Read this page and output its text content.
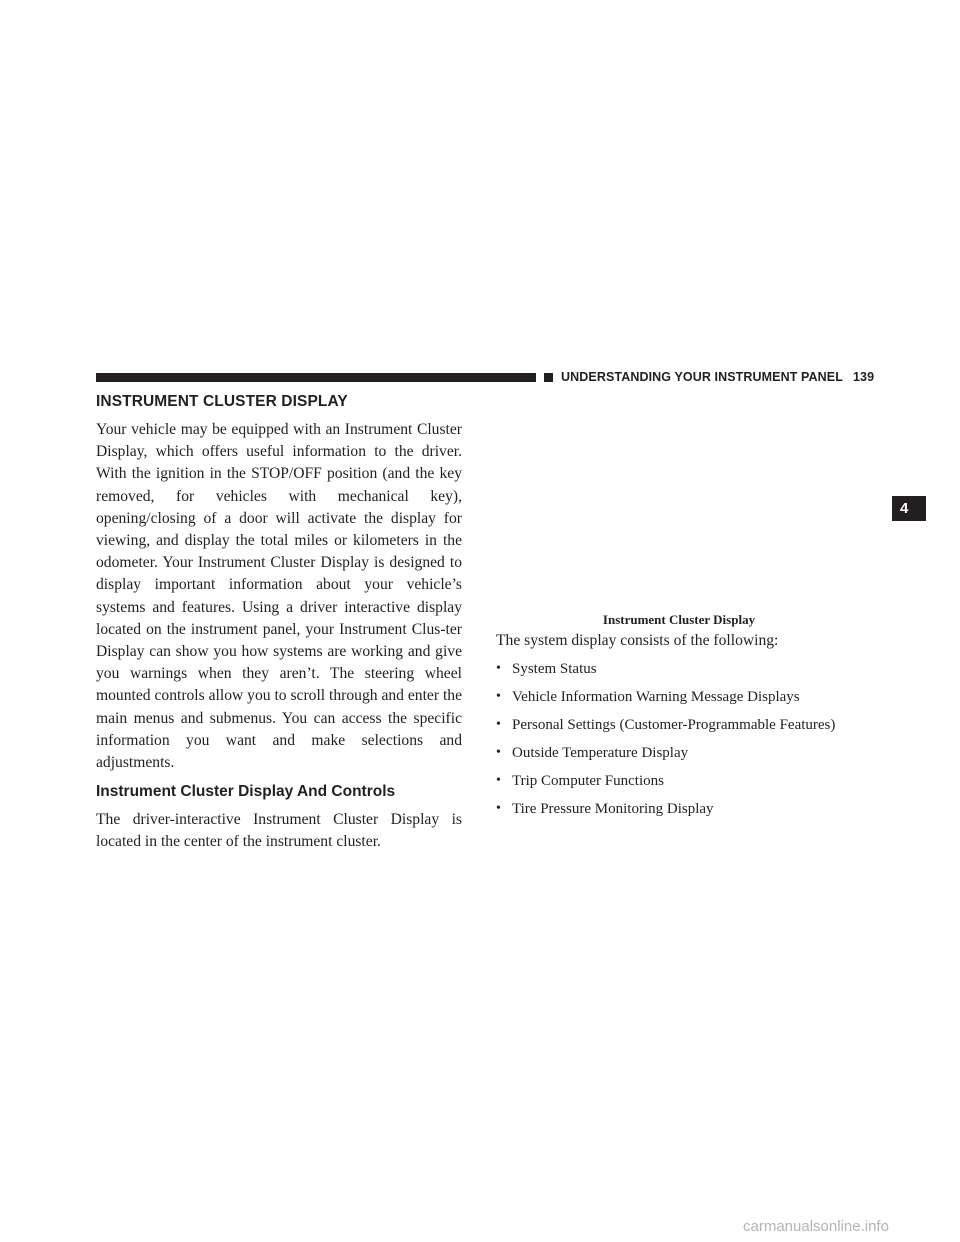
UNDERSTANDING YOUR INSTRUMENT PANEL 139
4
INSTRUMENT CLUSTER DISPLAY

Your vehicle may be equipped with an Instrument Cluster Display, which offers useful information to the driver. With the ignition in the STOP/OFF position (and the key removed, for vehicles with mechanical key), opening/closing of a door will activate the display for viewing, and display the total miles or kilometers in the odometer. Your Instrument Cluster Display is designed to display important information about your vehicle’s systems and features. Using a driver interactive display located on the instrument panel, your Instrument Clus-ter Display can show you how systems are working and give you warnings when they aren’t. The steering wheel mounted controls allow you to scroll through and enter the main menus and submenus. You can access the specific information you want and make selections and adjustments.

Instrument Cluster Display And Controls

The driver-interactive Instrument Cluster Display is located in the center of the instrument cluster.

Instrument Cluster Display

The system display consists of the following:

• System Status
• Vehicle Information Warning Message Displays
• Personal Settings (Customer-Programmable Features)
• Outside Temperature Display
• Trip Computer Functions
• Tire Pressure Monitoring Display
carmanualsonline.info
